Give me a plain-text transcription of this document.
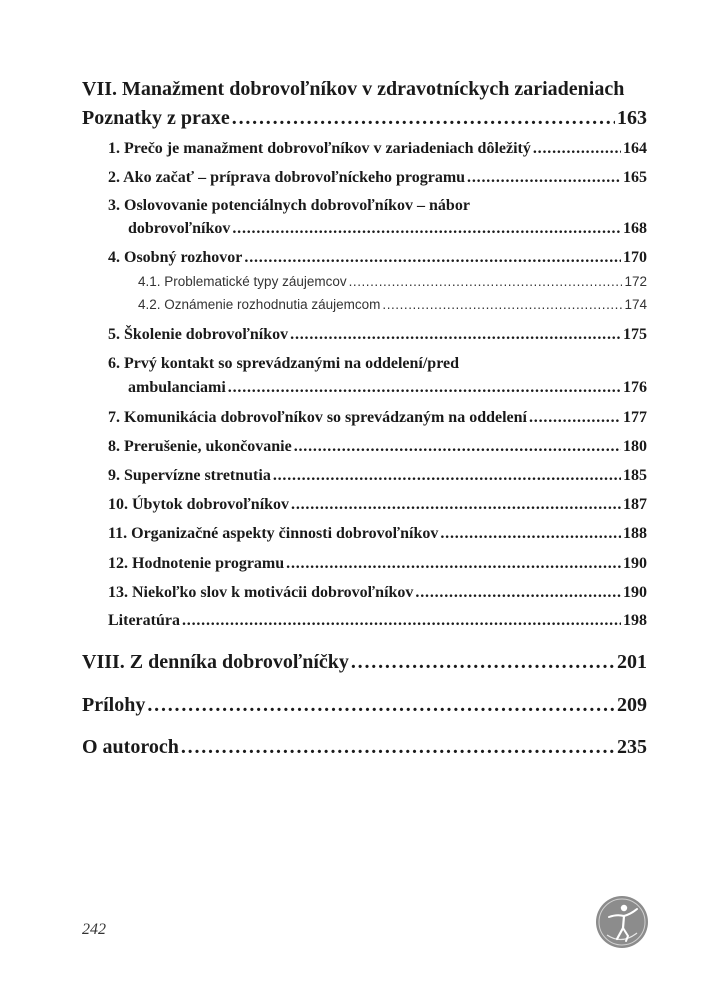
VII. Manažment dobrovoľníkov v zdravotníckych zariadeniach
Poznatky z praxe . . .	163
1. Prečo je manažment dobrovoľníkov v zariadeniach dôležitý . . .	164
2. Ako začať – príprava dobrovoľníckeho programu . . .	165
3. Oslovovanie potenciálnych dobrovoľníkov – nábor
dobrovoľníkov . . .	168
4. Osobný rozhovor . . .	170
4.1. Problematické typy záujemcov . . .	172
4.2. Oznámenie rozhodnutia záujemcom . . .	174
5. Školenie dobrovoľníkov . . .	175
6. Prvý kontakt so sprevádzanými na oddelení/pred
ambulanciami . . .	176
7. Komunikácia dobrovoľníkov so sprevádzaným na oddelení . . .	177
8. Prerušenie, ukončovanie . . .	180
9. Supervízne stretnutia . . .	185
10. Úbytok dobrovoľníkov . . .	187
11. Organizačné aspekty činnosti dobrovoľníkov . . .	188
12. Hodnotenie programu . . .	190
13. Niekoľko slov k motivácii dobrovoľníkov . . .	190
Literatúra . . .	198
VIII. Z denníka dobrovoľníčky . . .	201
Prílohy . . .	209
O autoroch . . .	235
242
